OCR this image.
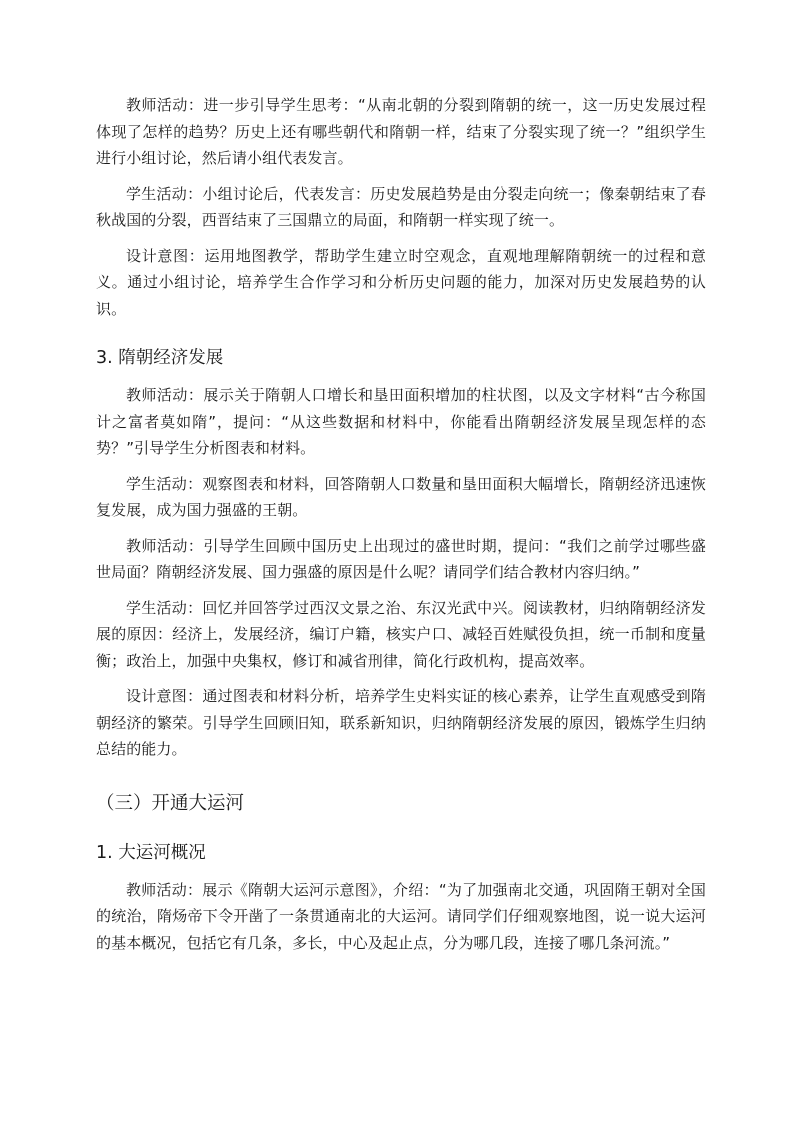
教师活动：进一步引导学生思考：“从南北朝的分裂到隋朝的统一，这一历史发展过程体现了怎样的趋势？历史上还有哪些朝代和隋朝一样，结束了分裂实现了统一？”组织学生进行小组讨论，然后请小组代表发言。

学生活动：小组讨论后，代表发言：历史发展趋势是由分裂走向统一；像秦朝结束了春秋战国的分裂，西晋结束了三国鼎立的局面，和隋朝一样实现了统一。

设计意图：运用地图教学，帮助学生建立时空观念，直观地理解隋朝统一的过程和意义。通过小组讨论，培养学生合作学习和分析历史问题的能力，加深对历史发展趋势的认识。

3. 隋朝经济发展

教师活动：展示关于隋朝人口增长和垦田面积增加的柱状图，以及文字材料“古今称国计之富者莫如隋”，提问：“从这些数据和材料中，你能看出隋朝经济发展呈现怎样的态势？”引导学生分析图表和材料。

学生活动：观察图表和材料，回答隋朝人口数量和垦田面积大幅增长，隋朝经济迅速恢复发展，成为国力强盛的王朝。

教师活动：引导学生回顾中国历史上出现过的盛世时期，提问：“我们之前学过哪些盛世局面？隋朝经济发展、国力强盛的原因是什么呢？请同学们结合教材内容归纳。”

学生活动：回忆并回答学过西汉文景之治、东汉光武中兴。阅读教材，归纳隋朝经济发展的原因：经济上，发展经济，编订户籍，核实户口、减轻百姓赋役负担，统一币制和度量衡；政治上，加强中央集权，修订和减省刑律，简化行政机构，提高效率。

设计意图：通过图表和材料分析，培养学生史料实证的核心素养，让学生直观感受到隋朝经济的繁荣。引导学生回顾旧知，联系新知识，归纳隋朝经济发展的原因，锻炼学生归纳总结的能力。

（三）开通大运河
1. 大运河概况

教师活动：展示《隋朝大运河示意图》，介绍：“为了加强南北交通，巩固隋王朝对全国的统治，隋炀帝下令开凿了一条贯通南北的大运河。请同学们仔细观察地图，说一说大运河的基本概况，包括它有几条，多长，中心及起止点，分为哪几段，连接了哪几条河流。”
